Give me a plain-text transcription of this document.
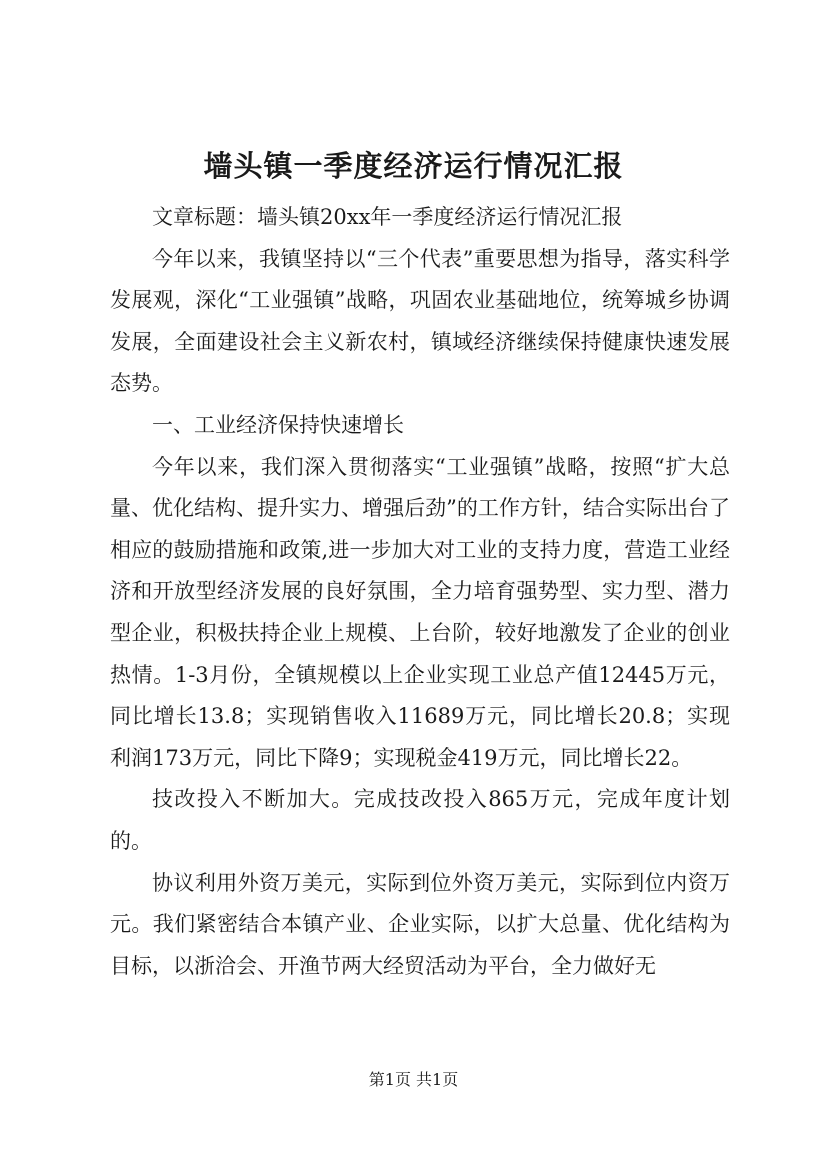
墙头镇一季度经济运行情况汇报

文章标题：墙头镇20xx年一季度经济运行情况汇报

今年以来，我镇坚持以“三个代表”重要思想为指导，落实科学发展观，深化“工业强镇”战略，巩固农业基础地位，统筹城乡协调发展，全面建设社会主义新农村，镇域经济继续保持健康快速发展态势。

一、工业经济保持快速增长

今年以来，我们深入贯彻落实“工业强镇”战略，按照“扩大总量、优化结构、提升实力、增强后劲”的工作方针，结合实际出台了相应的鼓励措施和政策,进一步加大对工业的支持力度，营造工业经济和开放型经济发展的良好氛围，全力培育强势型、实力型、潜力型企业，积极扶持企业上规模、上台阶，较好地激发了企业的创业热情。1-3月份，全镇规模以上企业实现工业总产值12445万元，同比增长13.8；实现销售收入11689万元，同比增长20.8；实现利润173万元，同比下降9；实现税金419万元，同比增长22。

技改投入不断加大。完成技改投入865万元，完成年度计划的。

协议利用外资万美元，实际到位外资万美元，实际到位内资万元。我们紧密结合本镇产业、企业实际，以扩大总量、优化结构为目标，以浙洽会、开渔节两大经贸活动为平台，全力做好无

第1页 共1页
